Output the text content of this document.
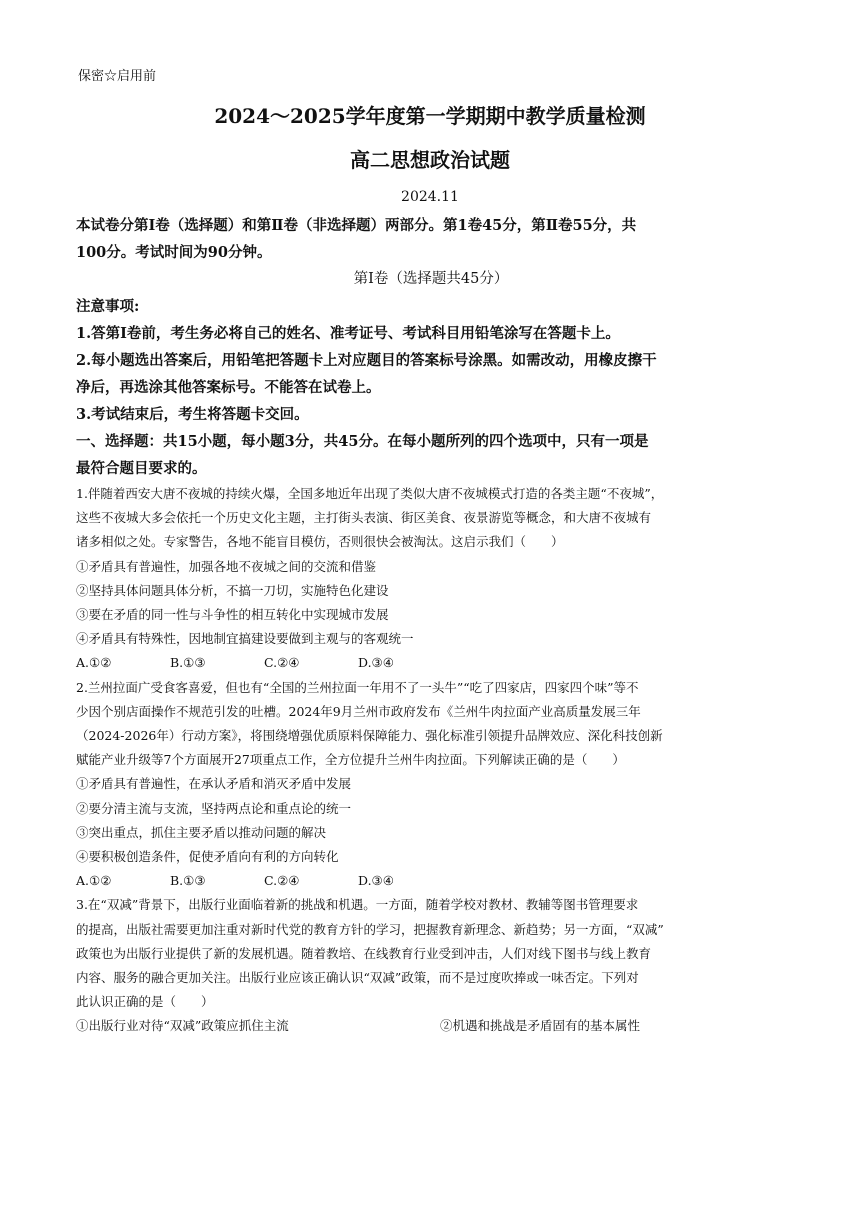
保密☆启用前
2024～2025学年度第一学期期中教学质量检测
高二思想政治试题
2024.11

本试卷分第Ⅰ卷（选择题）和第Ⅱ卷（非选择题）两部分。第1卷45分，第Ⅱ卷55分，共

100分。考试时间为90分钟。

第Ⅰ卷（选择题共45分）

注意事项:

1.答第Ⅰ卷前，考生务必将自己的姓名、准考证号、考试科目用铅笔涂写在答题卡上。

2.每小题选出答案后，用铅笔把答题卡上对应题目的答案标号涂黑。如需改动，用橡皮擦干

净后，再选涂其他答案标号。不能答在试卷上。

3.考试结束后，考生将答题卡交回。

一、选择题：共15小题，每小题3分，共45分。在每小题所列的四个选项中，只有一项是

最符合题目要求的。

1.伴随着西安大唐不夜城的持续火爆，全国多地近年出现了类似大唐不夜城模式打造的各类主题“不夜城”，

这些不夜城大多会依托一个历史文化主题，主打街头表演、街区美食、夜景游览等概念，和大唐不夜城有

诸多相似之处。专家警告，各地不能盲目模仿，否则很快会被淘汰。这启示我们（　　）

①矛盾具有普遍性，加强各地不夜城之间的交流和借鉴

②坚持具体问题具体分析，不搞一刀切，实施特色化建设

③要在矛盾的同一性与斗争性的相互转化中实现城市发展

④矛盾具有特殊性，因地制宜搞建设要做到主观与的客观统一

A.①②	B.①③	C.②④	D.③④

2.兰州拉面广受食客喜爱，但也有“全国的兰州拉面一年用不了一头牛”“吃了四家店，四家四个味”等不

少因个别店面操作不规范引发的吐槽。2024年9月兰州市政府发布《兰州牛肉拉面产业高质量发展三年

（2024-2026年）行动方案》，将围绕增强优质原料保障能力、强化标准引领提升品牌效应、深化科技创新

赋能产业升级等7个方面展开27项重点工作，全方位提升兰州牛肉拉面。下列解读正确的是（　　）

①矛盾具有普遍性，在承认矛盾和消灭矛盾中发展

②要分清主流与支流，坚持两点论和重点论的统一

③突出重点，抓住主要矛盾以推动问题的解决

④要积极创造条件，促使矛盾向有利的方向转化

A.①②	B.①③	C.②④	D.③④

3.在“双减”背景下，出版行业面临着新的挑战和机遇。一方面，随着学校对教材、教辅等图书管理要求

的提高，出版社需要更加注重对新时代党的教育方针的学习，把握教育新理念、新趋势；另一方面，“双减”

政策也为出版行业提供了新的发展机遇。随着教培、在线教育行业受到冲击，人们对线下图书与线上教育

内容、服务的融合更加关注。出版行业应该正确认识“双减”政策，而不是过度吹捧或一味否定。下列对

此认识正确的是（　　）

①出版行业对待“双减”政策应抓住主流	②机遇和挑战是矛盾固有的基本属性
